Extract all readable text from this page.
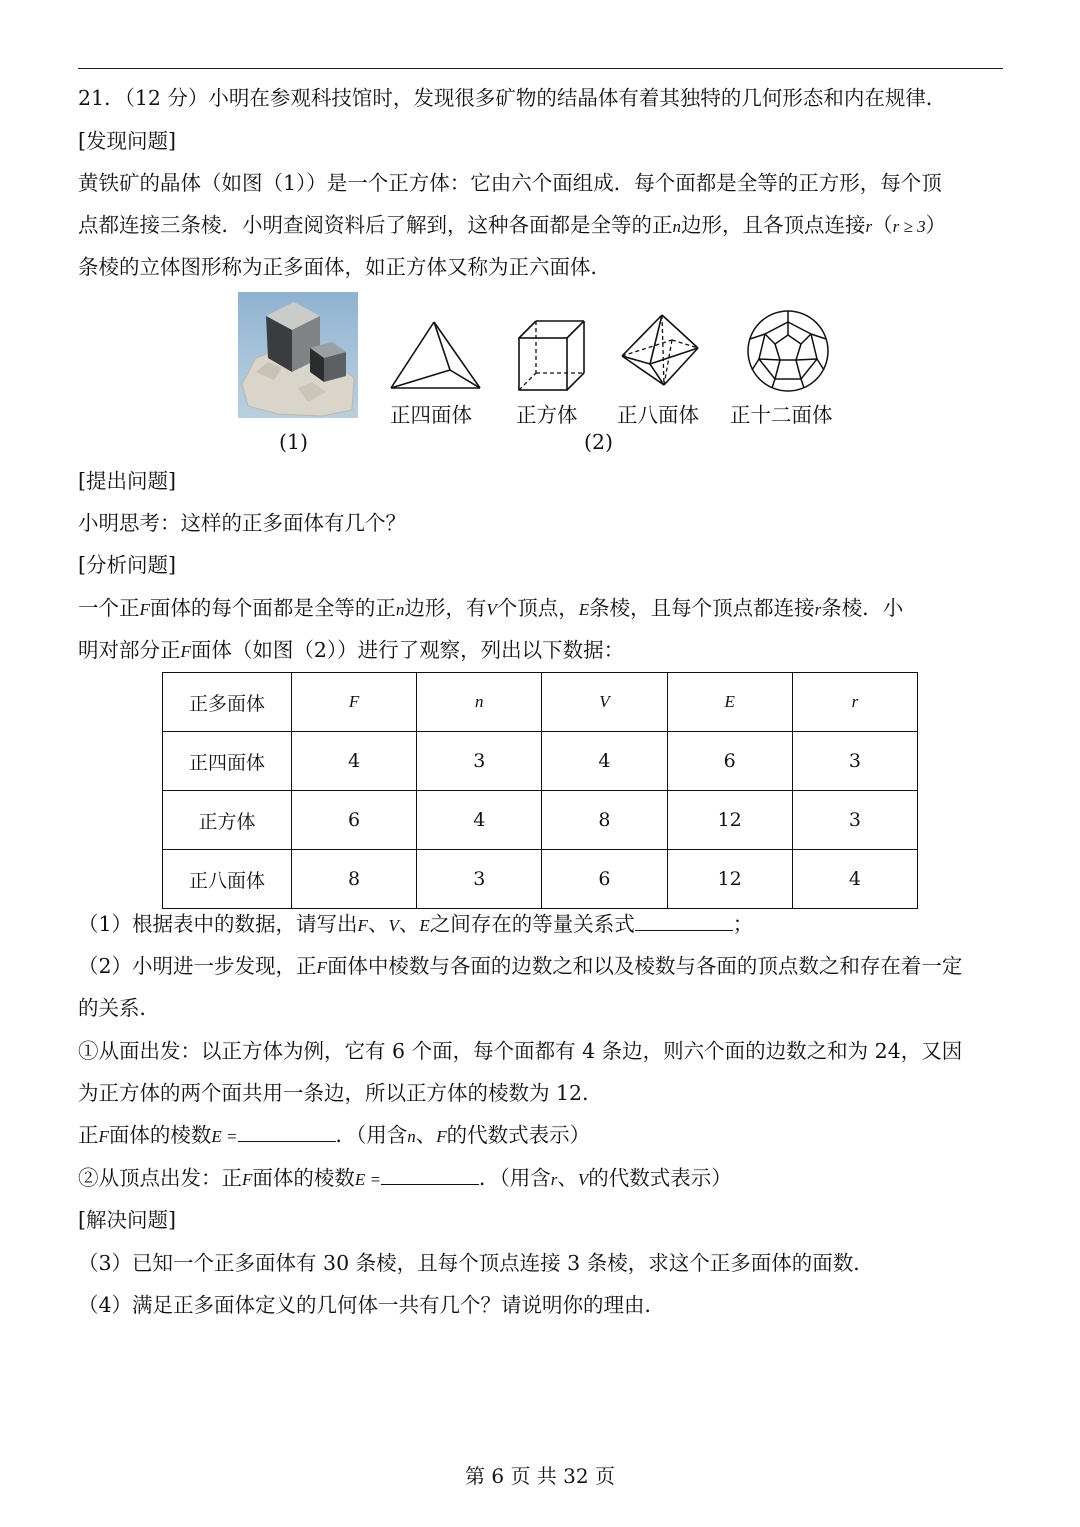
21．（12 分）小明在参观科技馆时，发现很多矿物的结晶体有着其独特的几何形态和内在规律．
[发现问题]
黄铁矿的晶体（如图（1））是一个正方体：它由六个面组成．每个面都是全等的正方形，每个顶
点都连接三条棱．小明查阅资料后了解到，这种各面都是全等的正n边形，且各顶点连接r（r ≥ 3）
条棱的立体图形称为正多面体，如正方体又称为正六面体．
正四面体 正方体 正八面体 正十二面体
(1)	(2)
[提出问题]
小明思考：这样的正多面体有几个？
[分析问题]
一个正F面体的每个面都是全等的正n边形，有V个顶点，E条棱，且每个顶点都连接r条棱．小
明对部分正F面体（如图（2））进行了观察，列出以下数据：
正多面体	F	n	V	E	r
正四面体	4	3	4	6	3
正方体	6	4	8	12	3
正八面体	8	3	6	12	4
（1）根据表中的数据，请写出F、V、E之间存在的等量关系式	；
（2）小明进一步发现，正F面体中棱数与各面的边数之和以及棱数与各面的顶点数之和存在着一定
的关系．
①从面出发：以正方体为例，它有 6 个面，每个面都有 4 条边，则六个面的边数之和为 24，又因
为正方体的两个面共用一条边，所以正方体的棱数为 12．
正F面体的棱数E =	．（用含n、F的代数式表示）
②从顶点出发：正F面体的棱数E =	．（用含r、V的代数式表示）
[解决问题]
（3）已知一个正多面体有 30 条棱，且每个顶点连接 3 条棱，求这个正多面体的面数．
（4）满足正多面体定义的几何体一共有几个？请说明你的理由．
第 6 页 共 32 页
